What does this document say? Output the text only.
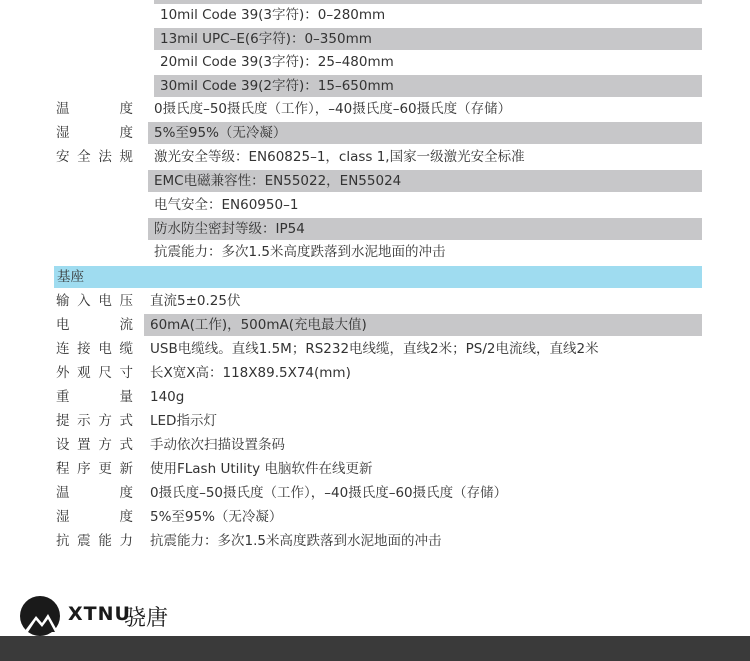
10mil Code 39(3字符)：0–280mm
13mil UPC–E(6字符)：0–350mm
20mil Code 39(3字符)：25–480mm
30mil Code 39(2字符)：15–650mm
温度	0摄氏度–50摄氏度（工作），–40摄氏度–60摄氏度（存储）
湿度	5%至95%（无冷凝）
安全法规	激光安全等级：EN60825–1，class 1,国家一级激光安全标准
EMC电磁兼容性：EN55022，EN55024
电气安全：EN60950–1
防水防尘密封等级：IP54
抗震能力：多次1.5米高度跌落到水泥地面的冲击
基座
输入电压	直流5±0.25伏
电流	60mA(工作)，500mA(充电最大值)
连接电缆	USB电缆线。直线1.5M；RS232电线缆，直线2米；PS/2电流线，直线2米
外观尺寸	长X宽X高：118X89.5X74(mm)
重量	140g
提示方式	LED指示灯
设置方式	手动依次扫描设置条码
程序更新	使用FLash Utility 电脑软件在线更新
温度	0摄氏度–50摄氏度（工作），–40摄氏度–60摄氏度（存储）
湿度	5%至95%（无冷凝）
抗震能力	抗震能力：多次1.5米高度跌落到水泥地面的冲击
XTNU
骁唐
